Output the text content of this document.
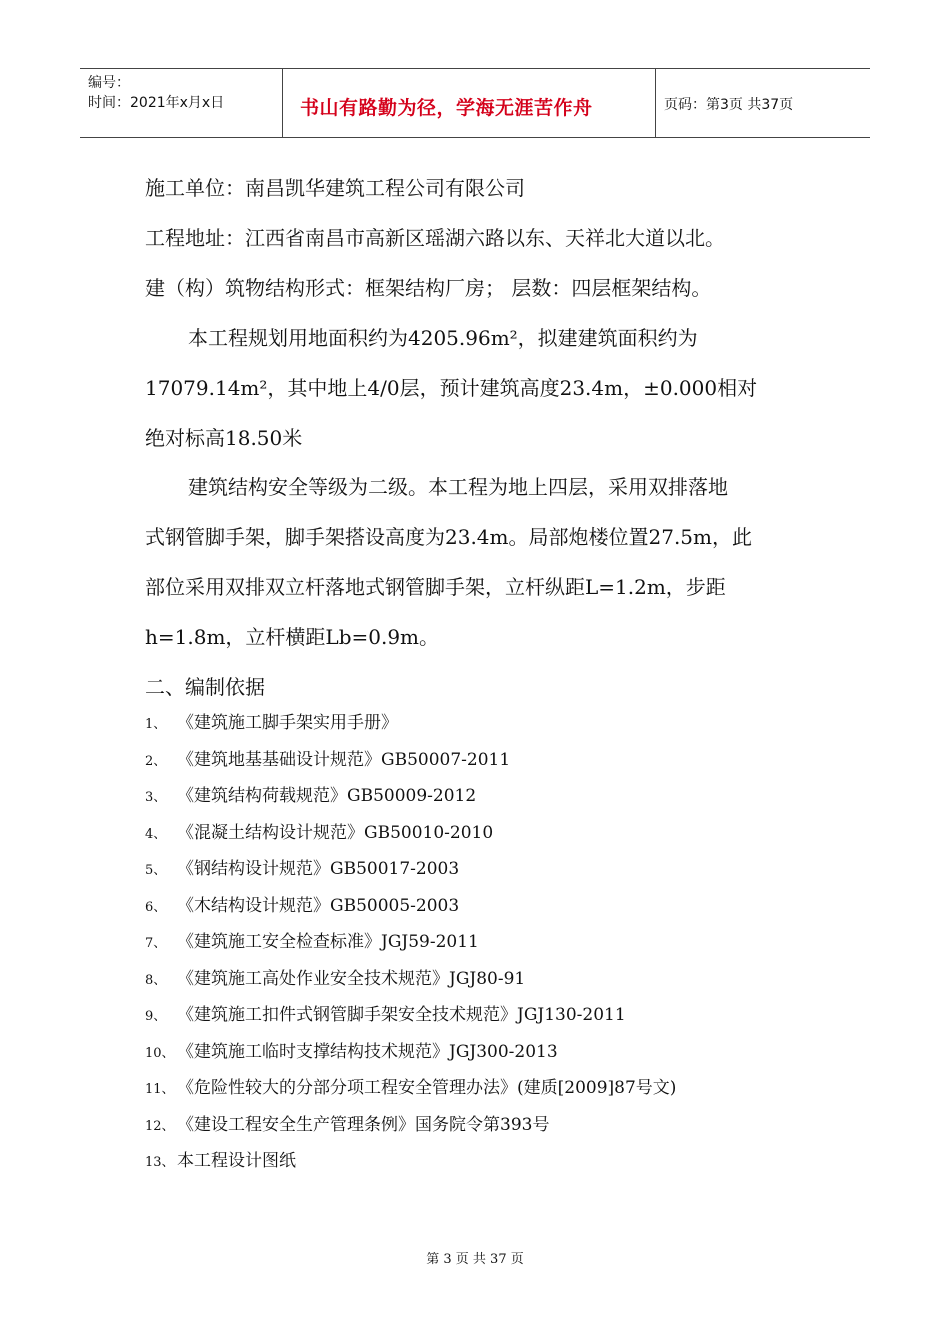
编号：
时间：2021年x月x日	书山有路勤为径，学海无涯苦作舟	页码：第3页 共37页
施工单位：南昌凯华建筑工程公司有限公司
工程地址：江西省南昌市高新区瑶湖六路以东、天祥北大道以北。
建（构）筑物结构形式：框架结构厂房； 层数：四层框架结构。
本工程规划用地面积约为4205.96m²，拟建建筑面积约为
17079.14m²，其中地上4/0层，预计建筑高度23.4m，±0.000相对
绝对标高18.50米
建筑结构安全等级为二级。本工程为地上四层，采用双排落地
式钢管脚手架，脚手架搭设高度为23.4m。局部炮楼位置27.5m，此
部位采用双排双立杆落地式钢管脚手架，立杆纵距L=1.2m，步距
h=1.8m，立杆横距Lb=0.9m。
二、编制依据
1、 《建筑施工脚手架实用手册》
2、 《建筑地基基础设计规范》GB50007-2011
3、 《建筑结构荷载规范》GB50009-2012
4、 《混凝土结构设计规范》GB50010-2010
5、 《钢结构设计规范》GB50017-2003
6、 《木结构设计规范》GB50005-2003
7、 《建筑施工安全检查标准》JGJ59-2011
8、 《建筑施工高处作业安全技术规范》JGJ80-91
9、 《建筑施工扣件式钢管脚手架安全技术规范》JGJ130-2011
10、 《建筑施工临时支撑结构技术规范》JGJ300-2013
11、 《危险性较大的分部分项工程安全管理办法》(建质[2009]87号文)
12、 《建设工程安全生产管理条例》国务院令第393号
13、 本工程设计图纸
第 3 页 共 37 页
